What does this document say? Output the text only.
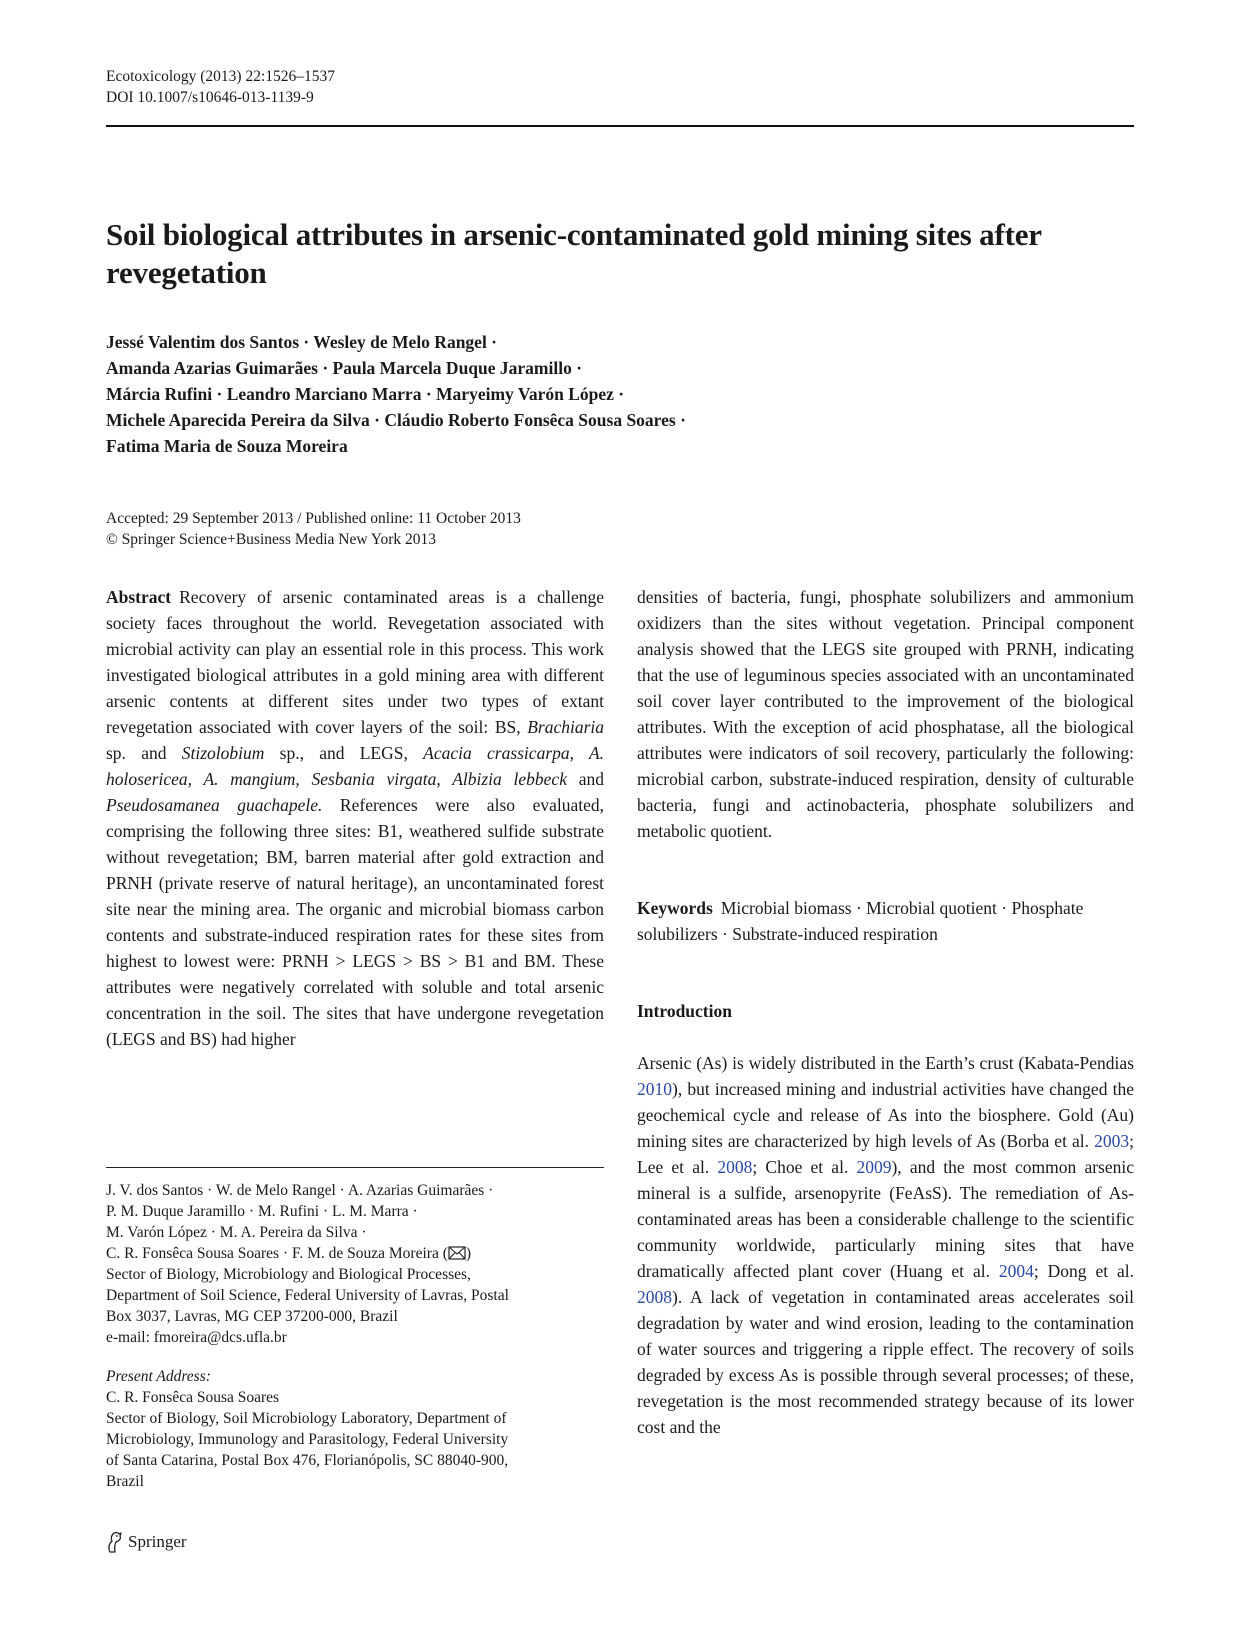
Ecotoxicology (2013) 22:1526–1537
DOI 10.1007/s10646-013-1139-9
Soil biological attributes in arsenic-contaminated gold mining sites after revegetation
Jessé Valentim dos Santos · Wesley de Melo Rangel ·
Amanda Azarias Guimarães · Paula Marcela Duque Jaramillo ·
Márcia Rufini · Leandro Marciano Marra · Maryeimy Varón López ·
Michele Aparecida Pereira da Silva · Cláudio Roberto Fonsêca Sousa Soares ·
Fatima Maria de Souza Moreira
Accepted: 29 September 2013 / Published online: 11 October 2013
© Springer Science+Business Media New York 2013

Abstract Recovery of arsenic contaminated areas is a challenge society faces throughout the world. Revegetation associated with microbial activity can play an essential role in this process. This work investigated biological attributes in a gold mining area with different arsenic contents at different sites under two types of extant revegetation associated with cover layers of the soil: BS, Brachiaria sp. and Stizolobium sp., and LEGS, Acacia crassicarpa, A. holosericea, A. mangium, Sesbania virgata, Albizia lebbeck and Pseudosamanea guachapele. References were also evaluated, comprising the following three sites: B1, weathered sulfide substrate without revegetation; BM, barren material after gold extraction and PRNH (private reserve of natural heritage), an uncontaminated forest site near the mining area. The organic and microbial biomass carbon contents and substrate-induced respiration rates for these sites from highest to lowest were: PRNH > LEGS > BS > B1 and BM. These attributes were negatively correlated with soluble and total arsenic concentration in the soil. The sites that have undergone revegetation (LEGS and BS) had higher

densities of bacteria, fungi, phosphate solubilizers and ammonium oxidizers than the sites without vegetation. Principal component analysis showed that the LEGS site grouped with PRNH, indicating that the use of leguminous species associated with an uncontaminated soil cover layer contributed to the improvement of the biological attributes. With the exception of acid phosphatase, all the biological attributes were indicators of soil recovery, particularly the following: microbial carbon, substrate-induced respiration, density of culturable bacteria, fungi and actinobacteria, phosphate solubilizers and metabolic quotient.

Keywords Microbial biomass · Microbial quotient · Phosphate solubilizers · Substrate-induced respiration
Introduction

Arsenic (As) is widely distributed in the Earth’s crust (Kabata-Pendias 2010), but increased mining and industrial activities have changed the geochemical cycle and release of As into the biosphere. Gold (Au) mining sites are characterized by high levels of As (Borba et al. 2003; Lee et al. 2008; Choe et al. 2009), and the most common arsenic mineral is a sulfide, arsenopyrite (FeAsS). The remediation of As-contaminated areas has been a considerable challenge to the scientific community worldwide, particularly mining sites that have dramatically affected plant cover (Huang et al. 2004; Dong et al. 2008). A lack of vegetation in contaminated areas accelerates soil degradation by water and wind erosion, leading to the contamination of water sources and triggering a ripple effect. The recovery of soils degraded by excess As is possible through several processes; of these, revegetation is the most recommended strategy because of its lower cost and the

J. V. dos Santos · W. de Melo Rangel · A. Azarias Guimarães ·
P. M. Duque Jaramillo · M. Rufini · L. M. Marra ·
M. Varón López · M. A. Pereira da Silva ·
C. R. Fonsêca Sousa Soares · F. M. de Souza Moreira ( )
Sector of Biology, Microbiology and Biological Processes,
Department of Soil Science, Federal University of Lavras, Postal
Box 3037, Lavras, MG CEP 37200-000, Brazil
e-mail: fmoreira@dcs.ufla.br
Present Address:
C. R. Fonsêca Sousa Soares
Sector of Biology, Soil Microbiology Laboratory, Department of
Microbiology, Immunology and Parasitology, Federal University
of Santa Catarina, Postal Box 476, Florianópolis, SC 88040-900,
Brazil
Springer
